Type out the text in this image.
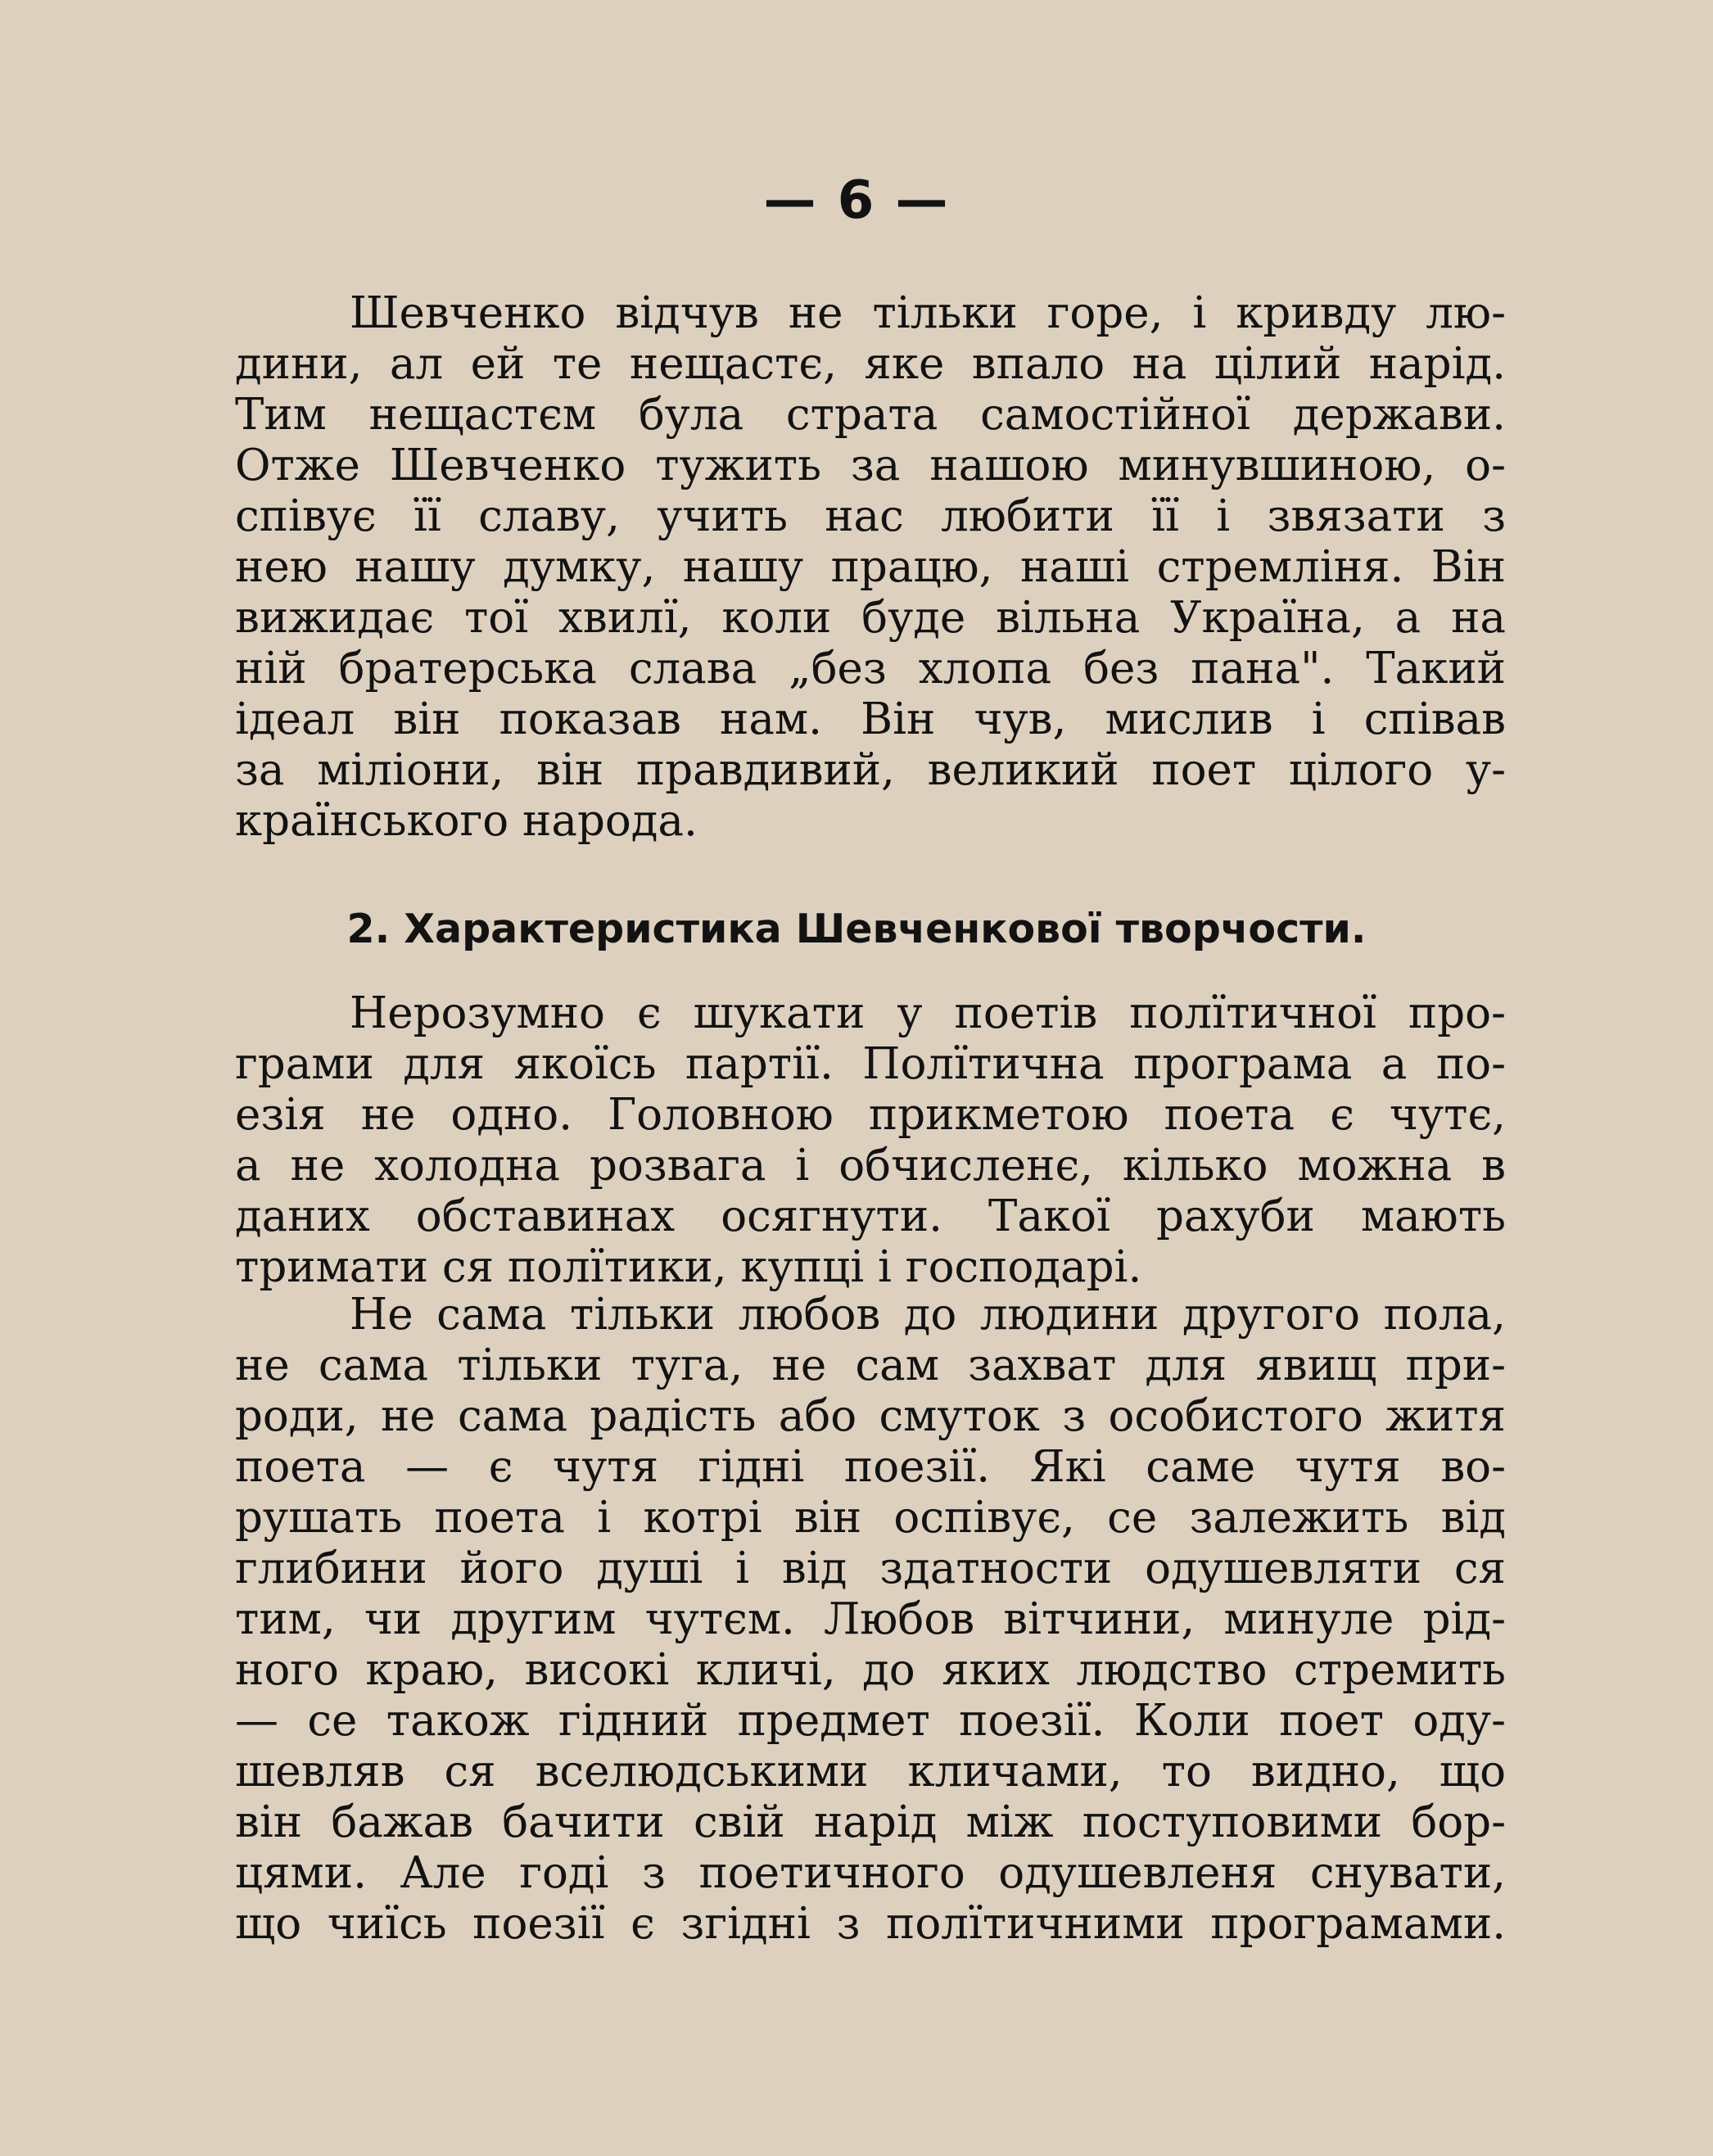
— 6 —
Шевченко відчув не тільки горе, і кривду лю-
дини, ал ей те нещастє, яке впало на цілий нарід.
Тим нещастєм була страта самостійної держави.
Отже Шевченко тужить за нашою минувшиною, о-
співує її славу, учить нас любити її і звязати з
нею нашу думку, нашу працю, наші стремліня. Він
вижидає тої хвилї, коли буде вільна Україна, а на
ній братерська слава „без хлопа без пана". Такий
ідеал він показав нам. Він чув, мислив і співав
за міліони, він правдивий, великий поет цілого у-
країнського народа.
2. Характеристика Шевченкової творчости.
Нерозумно є шукати у поетів полїтичної про-
грами для якоїсь партії. Полїтична програма а по-
езія не одно. Головною прикметою поета є чутє,
а не холодна розвага і обчисленє, кілько можна в
даних обставинах осягнути. Такої рахуби мають
тримати ся полїтики, купці і господарі.
Не сама тільки любов до людини другого пола,
не сама тільки туга, не сам захват для явищ при-
роди, не сама радість або смуток з особистого житя
поета — є чутя гідні поезії. Які саме чутя во-
рушать поета і котрі він оспівує, се залежить від
глибини його душі і від здатности одушевляти ся
тим, чи другим чутєм. Любов вітчини, минуле рід-
ного краю, високі кличі, до яких людство стремить
— се також гідний предмет поезії. Коли поет оду-
шевляв ся вселюдськими кличами, то видно, що
він бажав бачити свій нарід між поступовими бор-
цями. Але годі з поетичного одушевленя снувати,
що чиїсь поезії є згідні з полїтичними програмами.
